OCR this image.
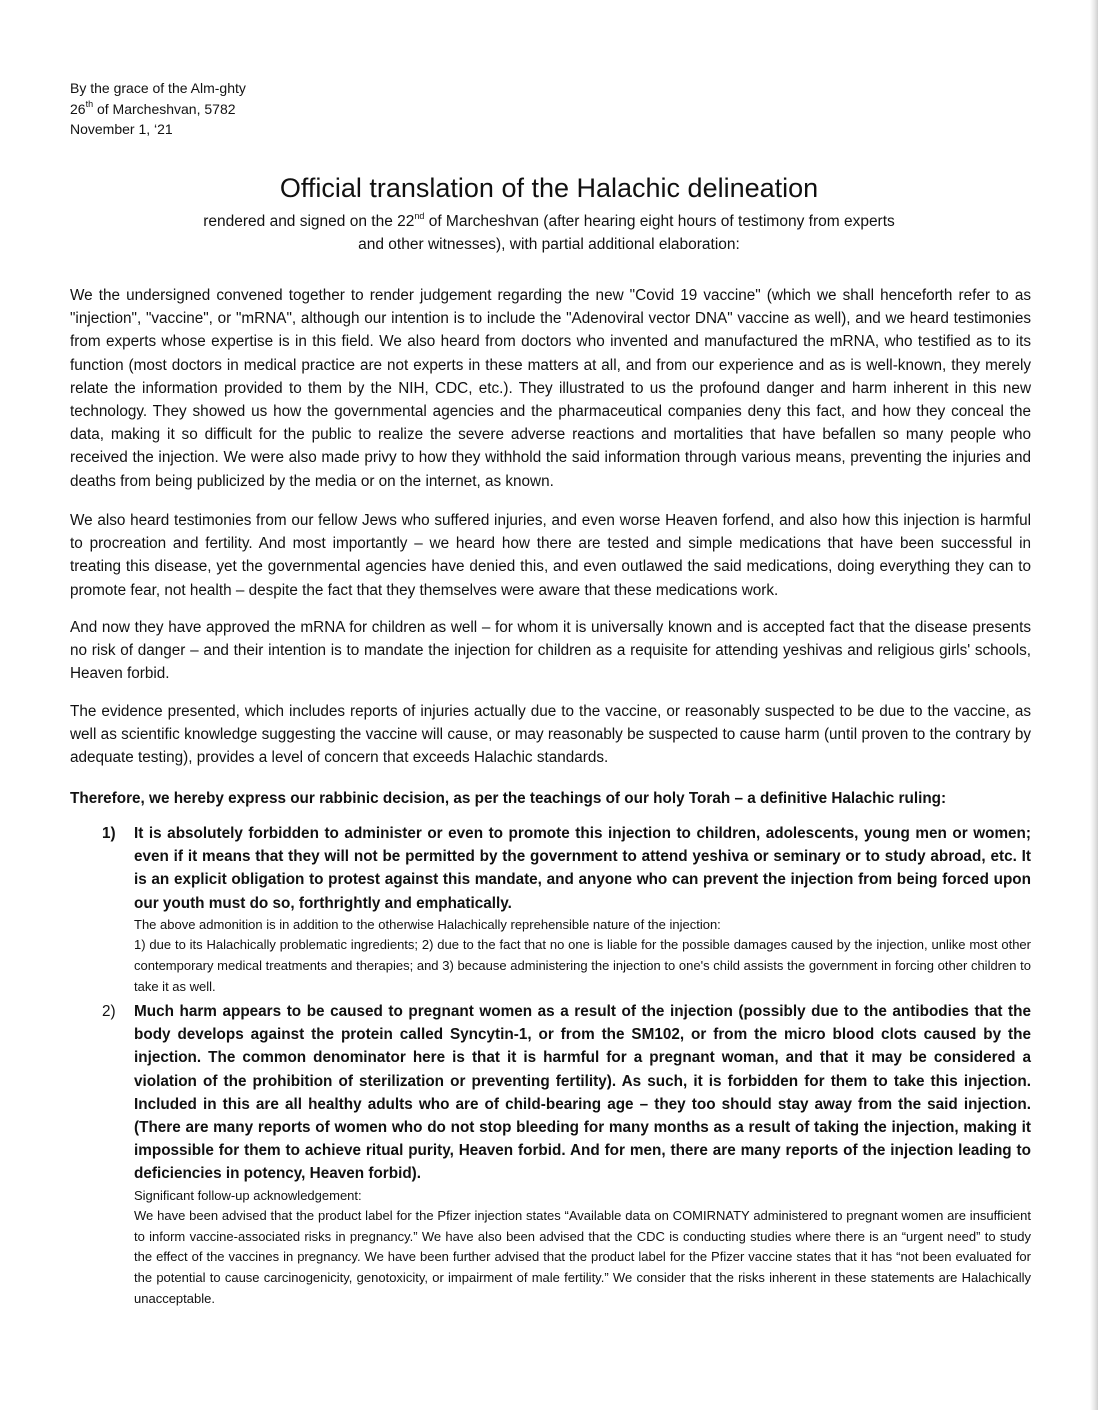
By the grace of the Alm-ghty
26th of Marcheshvan, 5782
November 1, ‘21
Official translation of the Halachic delineation
rendered and signed on the 22nd of Marcheshvan (after hearing eight hours of testimony from experts and other witnesses), with partial additional elaboration:

We the undersigned convened together to render judgement regarding the new "Covid 19 vaccine" (which we shall henceforth refer to as "injection", "vaccine", or "mRNA", although our intention is to include the "Adenoviral vector DNA" vaccine as well), and we heard testimonies from experts whose expertise is in this field. We also heard from doctors who invented and manufactured the mRNA, who testified as to its function (most doctors in medical practice are not experts in these matters at all, and from our experience and as is well-known, they merely relate the information provided to them by the NIH, CDC, etc.). They illustrated to us the profound danger and harm inherent in this new technology. They showed us how the governmental agencies and the pharmaceutical companies deny this fact, and how they conceal the data, making it so difficult for the public to realize the severe adverse reactions and mortalities that have befallen so many people who received the injection. We were also made privy to how they withhold the said information through various means, preventing the injuries and deaths from being publicized by the media or on the internet, as known.

We also heard testimonies from our fellow Jews who suffered injuries, and even worse Heaven forfend, and also how this injection is harmful to procreation and fertility. And most importantly – we heard how there are tested and simple medications that have been successful in treating this disease, yet the governmental agencies have denied this, and even outlawed the said medications, doing everything they can to promote fear, not health – despite the fact that they themselves were aware that these medications work.

And now they have approved the mRNA for children as well – for whom it is universally known and is accepted fact that the disease presents no risk of danger – and their intention is to mandate the injection for children as a requisite for attending yeshivas and religious girls' schools, Heaven forbid.

The evidence presented, which includes reports of injuries actually due to the vaccine, or reasonably suspected to be due to the vaccine, as well as scientific knowledge suggesting the vaccine will cause, or may reasonably be suspected to cause harm (until proven to the contrary by adequate testing), provides a level of concern that exceeds Halachic standards.

Therefore, we hereby express our rabbinic decision, as per the teachings of our holy Torah – a definitive Halachic ruling:
1) It is absolutely forbidden to administer or even to promote this injection to children, adolescents, young men or women; even if it means that they will not be permitted by the government to attend yeshiva or seminary or to study abroad, etc. It is an explicit obligation to protest against this mandate, and anyone who can prevent the injection from being forced upon our youth must do so, forthrightly and emphatically.
The above admonition is in addition to the otherwise Halachically reprehensible nature of the injection:
1) due to its Halachically problematic ingredients; 2) due to the fact that no one is liable for the possible damages caused by the injection, unlike most other contemporary medical treatments and therapies; and 3) because administering the injection to one's child assists the government in forcing other children to take it as well.
2) Much harm appears to be caused to pregnant women as a result of the injection (possibly due to the antibodies that the body develops against the protein called Syncytin-1, or from the SM102, or from the micro blood clots caused by the injection. The common denominator here is that it is harmful for a pregnant woman, and that it may be considered a violation of the prohibition of sterilization or preventing fertility). As such, it is forbidden for them to take this injection. Included in this are all healthy adults who are of child-bearing age – they too should stay away from the said injection. (There are many reports of women who do not stop bleeding for many months as a result of taking the injection, making it impossible for them to achieve ritual purity, Heaven forbid. And for men, there are many reports of the injection leading to deficiencies in potency, Heaven forbid).
Significant follow-up acknowledgement:
We have been advised that the product label for the Pfizer injection states “Available data on COMIRNATY administered to pregnant women are insufficient to inform vaccine-associated risks in pregnancy.” We have also been advised that the CDC is conducting studies where there is an “urgent need” to study the effect of the vaccines in pregnancy. We have been further advised that the product label for the Pfizer vaccine states that it has “not been evaluated for the potential to cause carcinogenicity, genotoxicity, or impairment of male fertility.” We consider that the risks inherent in these statements are Halachically unacceptable.
